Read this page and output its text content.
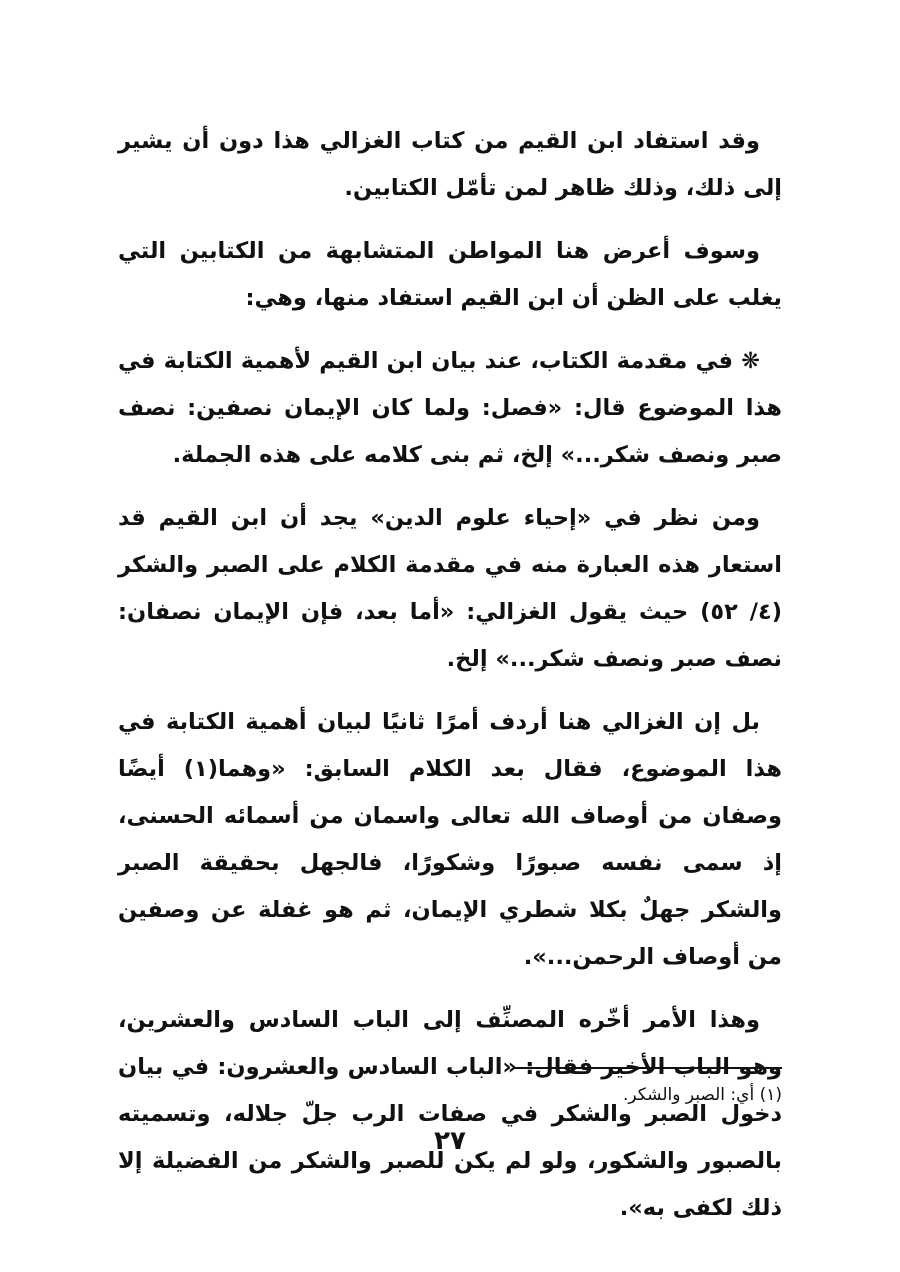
وقد استفاد ابن القيم من كتاب الغزالي هذا دون أن يشير إلى ذلك، وذلك ظاهر لمن تأمّل الكتابين.

وسوف أعرض هنا المواطن المتشابهة من الكتابين التي يغلب على الظن أن ابن القيم استفاد منها، وهي:

❋ في مقدمة الكتاب، عند بيان ابن القيم لأهمية الكتابة في هذا الموضوع قال: «فصل: ولما كان الإيمان نصفين: نصف صبر ونصف شكر...» إلخ، ثم بنى كلامه على هذه الجملة.

ومن نظر في «إحياء علوم الدين» يجد أن ابن القيم قد استعار هذه العبارة منه في مقدمة الكلام على الصبر والشكر (٤/ ٥٢) حيث يقول الغزالي: «أما بعد، فإن الإيمان نصفان: نصف صبر ونصف شكر...» إلخ.

بل إن الغزالي هنا أردف أمرًا ثانيًا لبيان أهمية الكتابة في هذا الموضوع، فقال بعد الكلام السابق: «وهما(١) أيضًا وصفان من أوصاف الله تعالى واسمان من أسمائه الحسنى، إذ سمى نفسه صبورًا وشكورًا، فالجهل بحقيقة الصبر والشكر جهلٌ بكلا شطري الإيمان، ثم هو غفلة عن وصفين من أوصاف الرحمن...».

وهذا الأمر أخّره المصنِّف إلى الباب السادس والعشرين، وهو الباب الأخير فقال: «الباب السادس والعشرون: في بيان دخول الصبر والشكر في صفات الرب جلّ جلاله، وتسميته بالصبور والشكور، ولو لم يكن للصبر والشكر من الفضيلة إلا ذلك لكفى به».

(١) أي: الصبر والشكر.
٢٧
